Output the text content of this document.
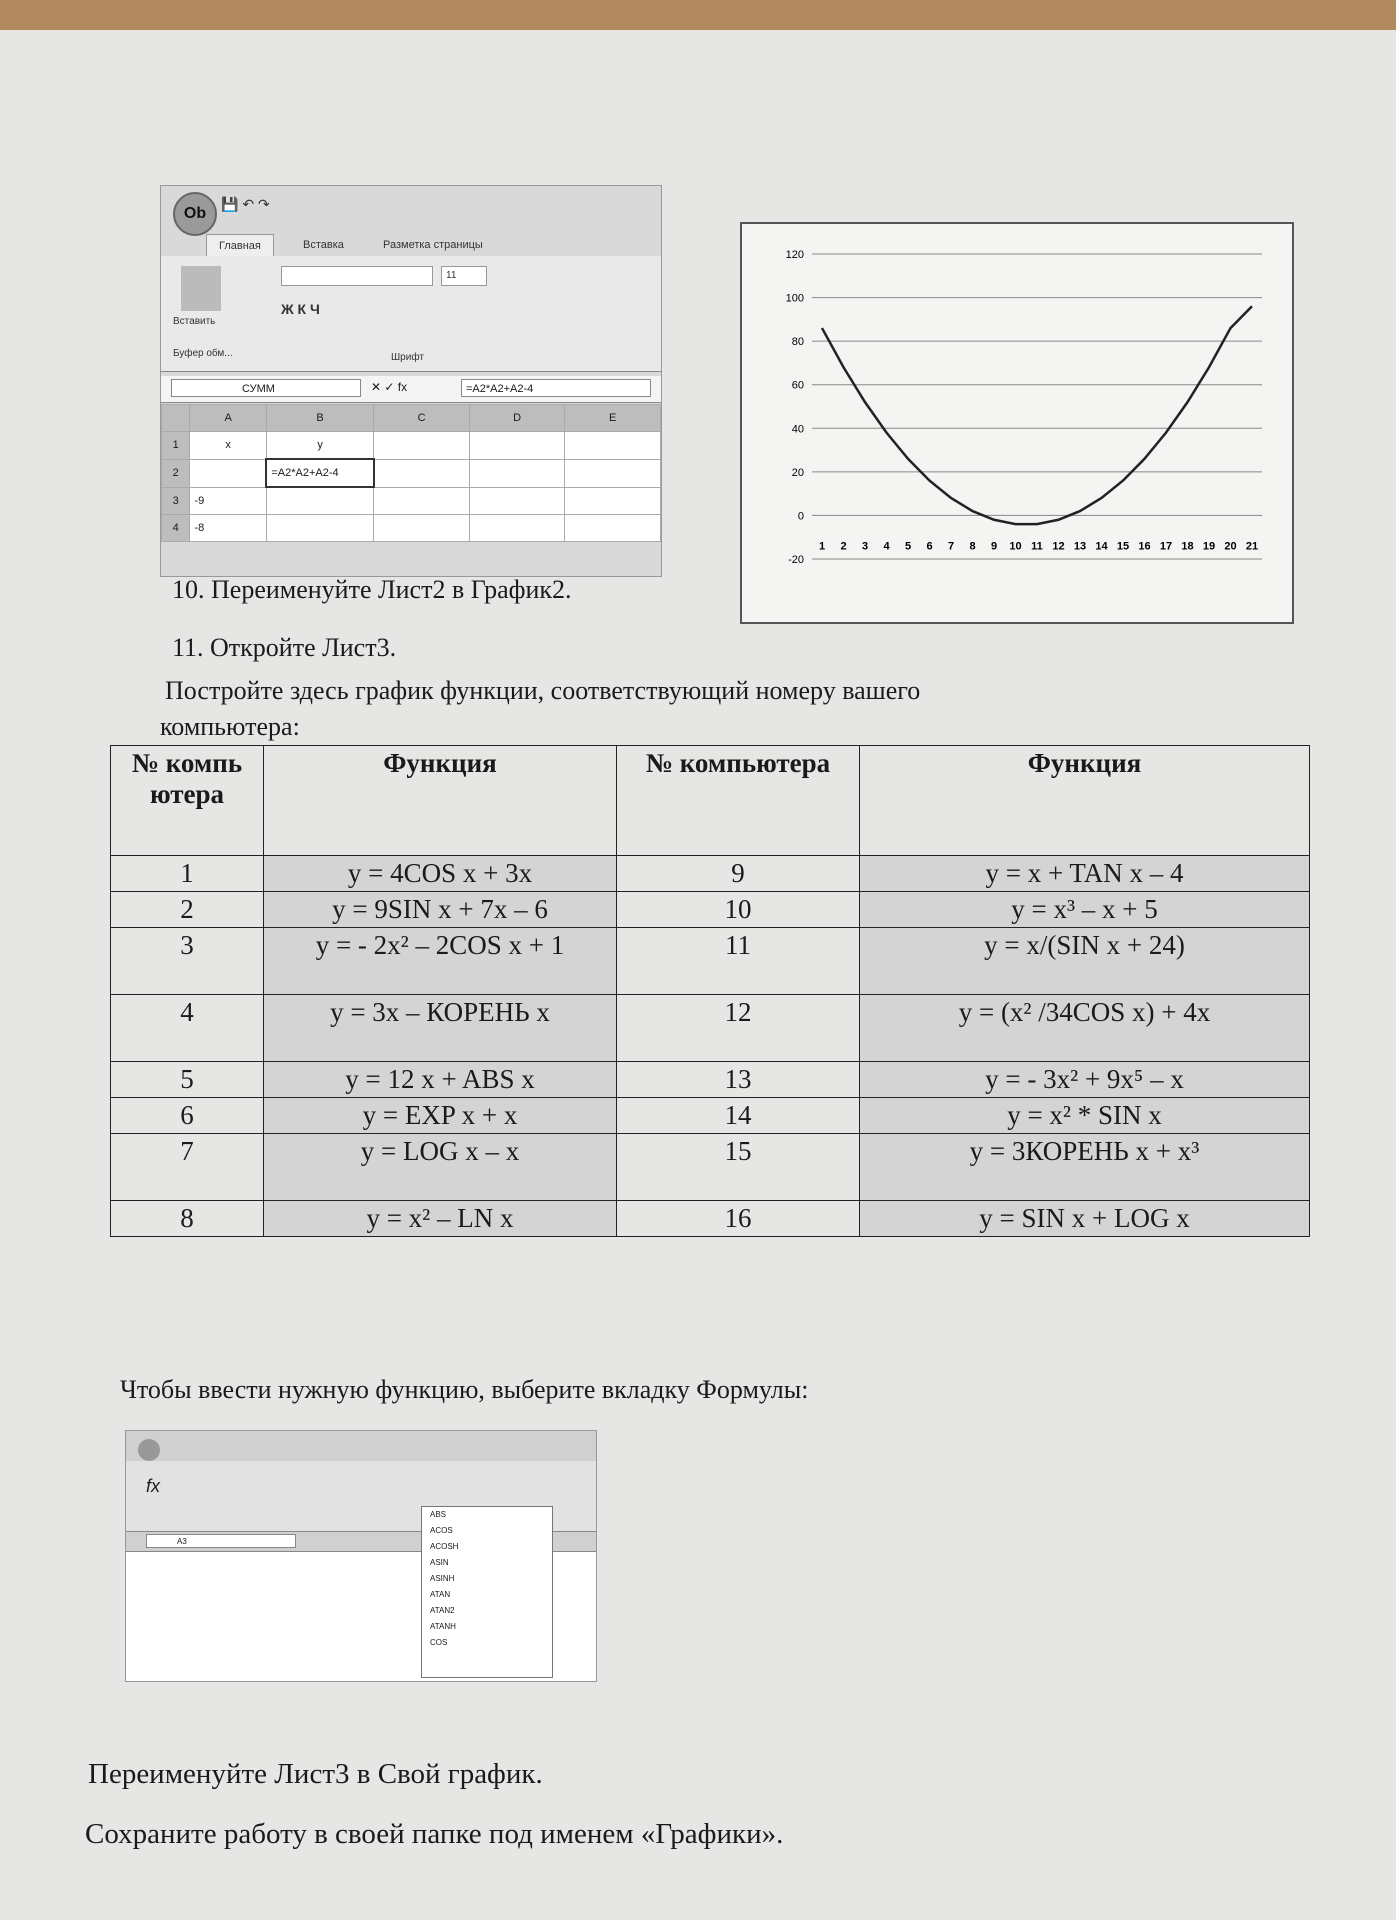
Ob
💾 ↶ ↷
Главная	Вставка	Разметка страницы
Вставить
Буфер обм...
11
Ж К Ч
Шрифт
СУММ	✕ ✓ fx	=A2*A2+A2-4
	A	B	C	D	E
1	x	y			
2		=A2*A2+A2-4			
3	-9				
4	-8				
120
100
80
60
40
20
0
-20
1 2 3 4 5 6 7 8 9 10 11 12 13 14 15 16 17 18 19 20 21
10. Переименуйте Лист2 в График2.
11. Откройте Лист3.
Постройте здесь график функции, соответствующий номеру вашего
компьютера:
№ компь ютера	Функция	№ компьютера	Функция
1	y = 4COS x + 3x	9	y = x + TAN x – 4
2	y = 9SIN x + 7x – 6	10	y = x³ – x + 5
3	y = - 2x² – 2COS x + 1	11	y = x/(SIN x + 24)
4	y = 3x – КОРЕНЬ x	12	y = (x² /34COS x) + 4x
5	y = 12 x + ABS x	13	y = - 3x² + 9x⁵ – x
6	y = EXP x + x	14	y = x² * SIN x
7	y = LOG x – x	15	y = 3КОРЕНЬ x + x³
8	y = x² – LN x	16	y = SIN x + LOG x
Чтобы ввести нужную функцию, выберите вкладку Формулы:
fx
A3
ABS
ACOS
ACOSH
ASIN
ASINH
ATAN
ATAN2
ATANH
COS
Переименуйте Лист3 в Свой график.
Сохраните работу в своей папке под именем «Графики».
